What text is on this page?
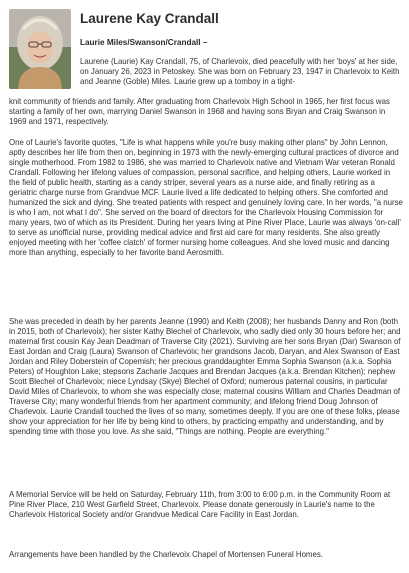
Laurene Kay Crandall

Laurie Miles/Swanson/Crandall –

Laurene (Laurie) Kay Crandall, 75, of Charlevoix, died peacefully with her 'boys' at her side, on January 26, 2023 in Petoskey. She was born on February 23, 1947 in Charlevoix to Keith and Jeanne (Goble) Miles. Laurie grew up a tomboy in a tight-

knit community of friends and family. After graduating from Charlevoix High School in 1965, her first focus was starting a family of her own, marrying Daniel Swanson in 1968 and having sons Bryan and Craig Swanson in 1969 and 1971, respectively.

One of Laurie's favorite quotes, "Life is what happens while you're busy making other plans" by John Lennon, aptly describes her life from then on, beginning in 1973 with the newly-emerging cultural practices of divorce and single motherhood. From 1982 to 1986, she was married to Charlevoix native and Vietnam War veteran Ronald Crandall. Following her lifelong values of compassion, personal sacrifice, and helping others, Laurie worked in the field of public health, starting as a candy striper, several years as a nurse aide, and finally retiring as a geriatric charge nurse from Grandvue MCF. Laurie lived a life dedicated to helping others. She comforted and humanized the sick and dying. She treated patients with respect and genuinely loving care. In her words, "a nurse is who I am, not what I do". She served on the board of directors for the Charlevoix Housing Commission for many years, two of which as its President. During her years living at Pine River Place, Laurie was always 'on-call' to serve as unofficial nurse, providing medical advice and first aid care for many residents. She also greatly enjoyed meeting with her 'coffee clatch' of former nursing home colleagues. And she loved music and dancing more than anything, especially to her favorite band Aerosmith.

She was preceded in death by her parents Jeanne (1990) and Keith (2008); her husbands Danny and Ron (both in 2015, both of Charlevoix); her sister Kathy Blechel of Charlevoix, who sadly died only 30 hours before her; and maternal first cousin Kay Jean Deadman of Traverse City (2021). Surviving are her sons Bryan (Dar) Swanson of East Jordan and Craig (Laura) Swanson of Charlevoix; her grandsons Jacob, Daryan, and Alex Swanson of East Jordan and Riley Doberstein of Copemish; her precious granddaughter Emma Sophia Swanson (a.k.a. Sophia Peters) of Houghton Lake; stepsons Zacharie Jacques and Brendan Jacques (a.k.a. Brendan Kitchen); nephew Scott Blechel of Charlevoix; niece Lyndsay (Skye) Blechel of Oxford; numerous paternal cousins, in particular David Miles of Charlevoix, to whom she was especially close; maternal cousins William and Charles Deadman of Traverse City; many wonderful friends from her apartment community; and lifelong friend Doug Johnson of Charlevoix. Laurie Crandall touched the lives of so many, sometimes deeply. If you are one of these folks, please show your appreciation for her life by being kind to others, by practicing empathy and understanding, and by spending time with those you love. As she said, "Things are nothing. People are everything."

A Memorial Service will be held on Saturday, February 11th, from 3:00 to 6:00 p.m. in the Community Room at Pine River Place, 210 West Garfield Street, Charlevoix. Please donate generously in Laurie's name to the Charlevoix Historical Society and/or Grandvue Medical Care Facility in East Jordan.

Arrangements have been handled by the Charlevoix Chapel of Mortensen Funeral Homes.
